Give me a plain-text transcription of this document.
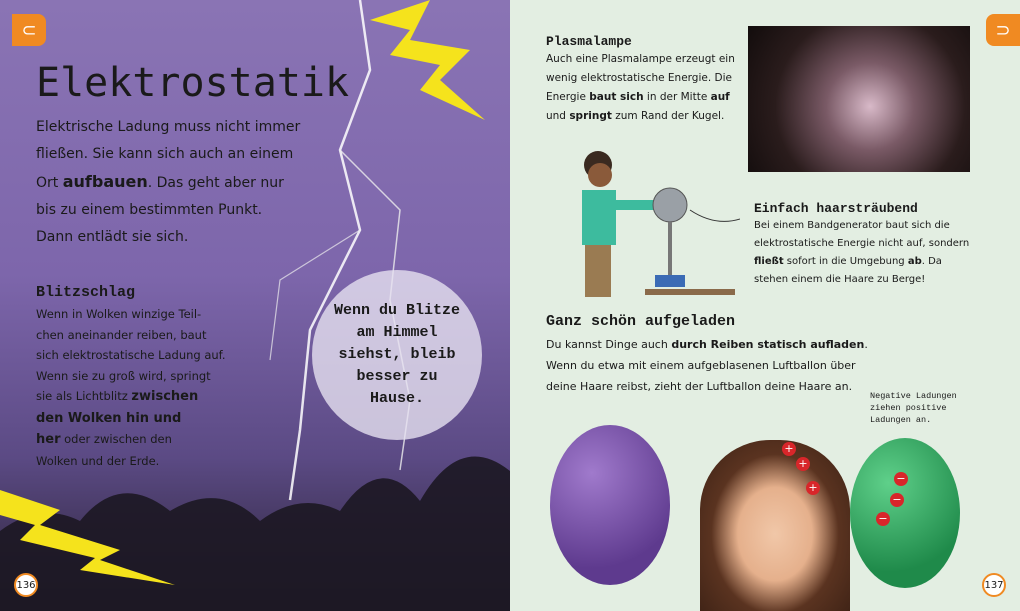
⊂
Elektrostatik
Elektrische Ladung muss nicht immer
fließen. Sie kann sich auch an einem
Ort aufbauen. Das geht aber nur
bis zu einem bestimmten Punkt.
Dann entlädt sie sich.
Blitzschlag
Wenn in Wolken winzige Teil-
chen aneinander reiben, baut
sich elektrostatische Ladung auf.
Wenn sie zu groß wird, springt
sie als Lichtblitz zwischen
den Wolken hin und
her oder zwischen den
Wolken und der Erde.
Wenn du Blitze am Himmel siehst, bleib besser zu Hause.
136
⊃
Plasmalampe
Auch eine Plasmalampe erzeugt ein
wenig elektrostatische Energie. Die
Energie baut sich in der Mitte auf
und springt zum Rand der Kugel.
Einfach haarsträubend
Bei einem Bandgenerator baut sich die
elektrostatische Energie nicht auf, sondern
fließt sofort in die Umgebung ab. Da
stehen einem die Haare zu Berge!
Ganz schön aufgeladen
Du kannst Dinge auch durch Reiben statisch aufladen.
Wenn du etwa mit einem aufgeblasenen Luftballon über
deine Haare reibst, zieht der Luftballon deine Haare an.
Negative Ladungen ziehen positive Ladungen an.
+
+
+
−
−
−
137
